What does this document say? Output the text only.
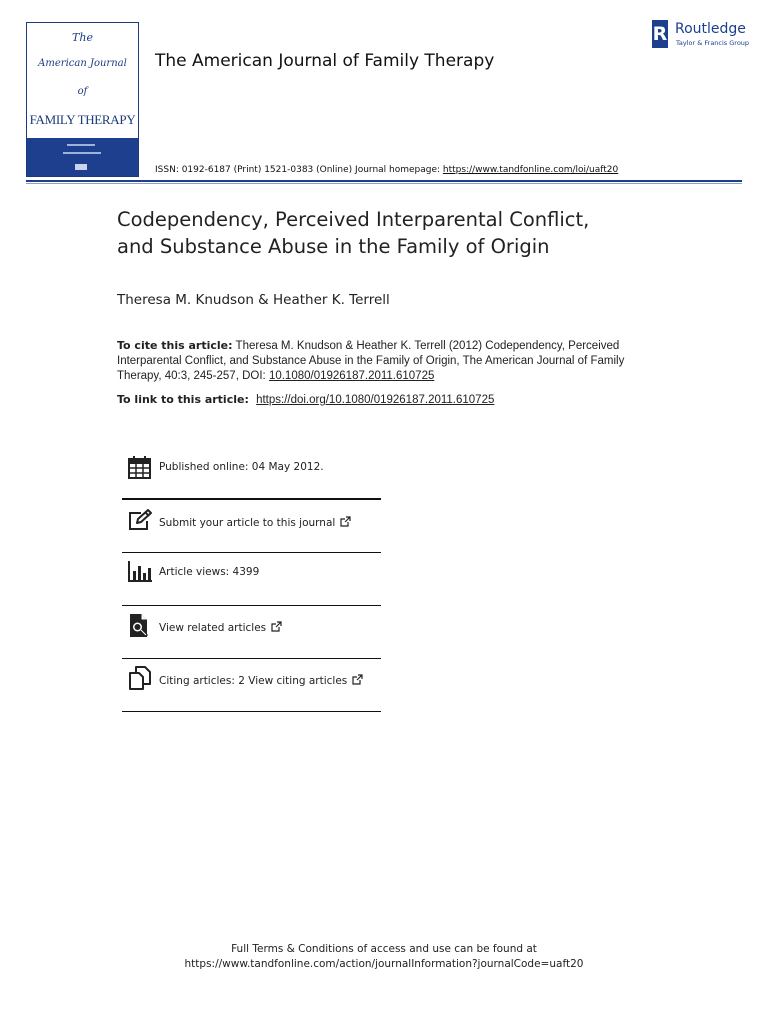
The
American Journal
of
FAMILY THERAPY
The American Journal of Family Therapy
R Routledge
Taylor & Francis Group
ISSN: 0192-6187 (Print) 1521-0383 (Online) Journal homepage: https://www.tandfonline.com/loi/uaft20
Codependency, Perceived Interparental Conflict,
and Substance Abuse in the Family of Origin
Theresa M. Knudson & Heather K. Terrell
To cite this article: Theresa M. Knudson & Heather K. Terrell (2012) Codependency, Perceived Interparental Conflict, and Substance Abuse in the Family of Origin, The American Journal of Family Therapy, 40:3, 245-257, DOI: 10.1080/01926187.2011.610725
To link to this article: https://doi.org/10.1080/01926187.2011.610725
Published online: 04 May 2012.
Submit your article to this journal
Article views: 4399
View related articles
Citing articles: 2 View citing articles
Full Terms & Conditions of access and use can be found at
https://www.tandfonline.com/action/journalInformation?journalCode=uaft20
